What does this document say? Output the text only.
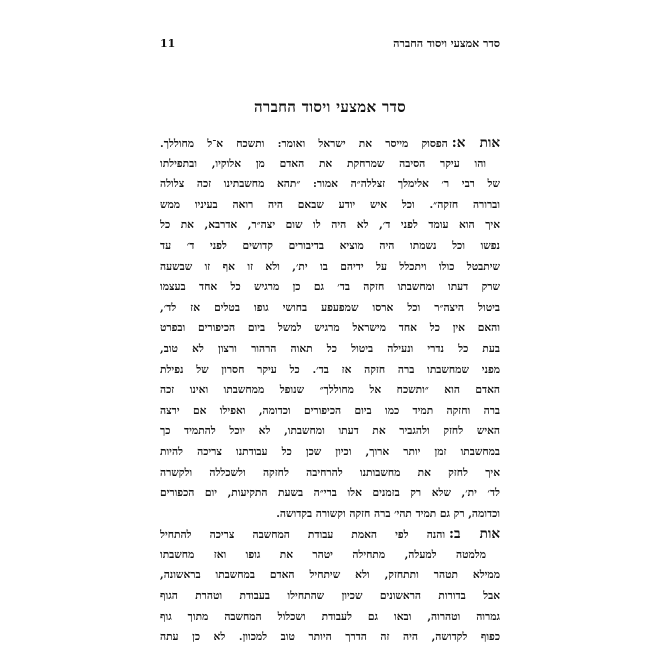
סדר אמצעי ויסוד החברה
11
סדר אמצעי ויסוד החברה
אות א:הפסוק מייסר את ישראל ואומר: ותשכח א־ל מחוללך.
והו עיקר הסיבה שמרחקת את האדם מן אלוקיו, ובתפילתו
של רבי ר׳ אלימלך זצללה״ה אמור: ״תהא מחשבתינו זכה צלולה
וברורה חזקה״. וכל איש יודע שבאם היה רואה בעיניו ממש
איך הוא עומד לפני ד׳, לא היה לו שום יצה״ר, אדרבא, את כל
נפשו וכל נשמתו היה מוציא בדיבורים קדושים לפני ד׳ עד
שיתבטל כולו ויתכלל על ידיהם בו ית׳, ולא זו אף זו שבשעה
שרק דעתו ומחשבתו חזקה בד׳ גם כן מרגיש כל אחד בעצמו
ביטול היצה״ר וכל ארסו שמפעפע בחושי גופו בטלים אז לד׳,
והאם אין כל אחד מישראל מרגיש למשל ביום הכיפורים ובפרט
בעת כל נדרי ונעילה ביטול כל תאוה הרהור ורצון לא טוב,
מפני שמחשבתו ברה חזקה אז בד׳. כל עיקר חסרון של נפילת
האדם הוא ״ותשכח אל מחוללך״ שנופל ממחשבתו ואינו זכה
ברה וחזקה תמיד כמו ביום הכיפורים וכדומה, ואפילו אם ירצה
האיש לחזק ולהגביר את דעתו ומחשבתו, לא יוכל להתמיד כך
במחשבתו זמן יותר ארוך, וכיון שכן כל עבודתנו צריכה להיות
איך לחזק את מחשבותנו להרחיבה לחזקה ולשכללה ולקשרה
לד׳ ית׳, שלא רק בזמנים אלו ברי״ה בשעת התקיעות, יום הכפורים
וכדומה, רק גם תמיד תהי׳ ברה חזקה וקשורה בקדושה.
אות ב:והנה לפי האמת עבודת המחשבה צריכה להתחיל
מלמטה למעלה, מתחילה יטהר את גופו ואז מחשבתו
ממילא תטהר ותתחזק, ולא שיתחיל האדם במחשבתו בראשונה,
אבל בדורות הראשונים שכיון שהתחילו בעבודת וטהרת הגוף
גמרוה וטהרוה, ובאו גם לעבודת ושכלול המחשבה מתוך גוף
כפוף לקדושה, היה זה הדרך היותר טוב למכוון. לא כן עתה
